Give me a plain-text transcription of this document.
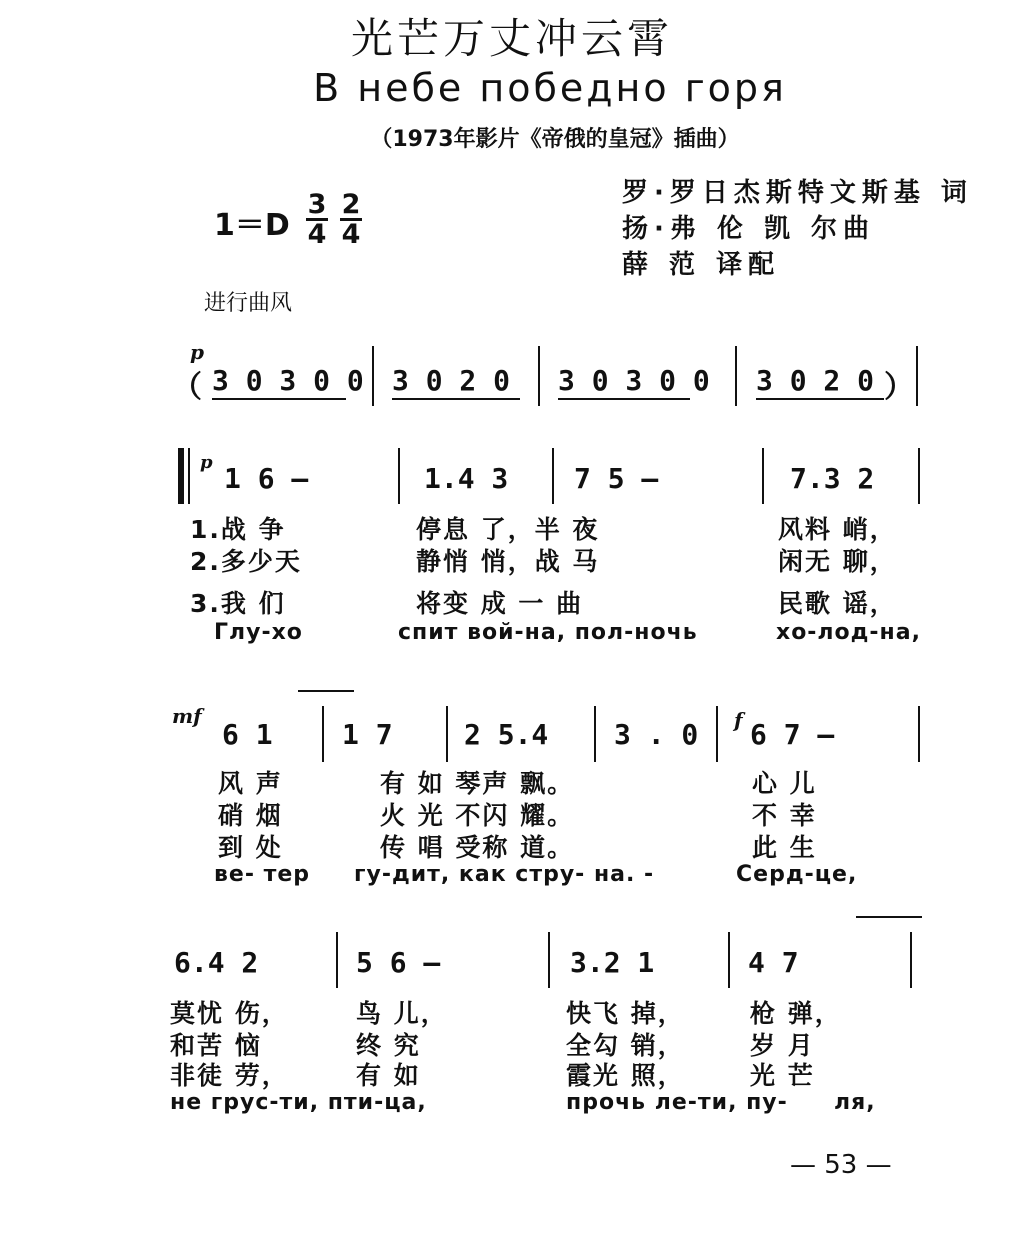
光芒万丈冲云霄
В небе победно горя
（1973年影片《帝俄的皇冠》插曲）
罗·罗日杰斯特文斯基 词
扬·弗 伦 凯 尔曲
薛 范 译配
$1=D \frac{3}{4} \frac{2}{4}$
进行曲风
（
p
3 0 3 0 0 3 0 2 0 3 0 3 0 0 3 0 2 0 ）
p 1 6 —	1.4 3 7 5 —	7.3 2
1.战 争	停息 了，半 夜	风料 峭，
2.多少天	静悄 悄，战 马	闲无 聊，
3.我 们	将变 成 一 曲	民歌 谣，
Глу-хо	спит вой-на, пол-ночь	хо-лод-на,
mf
6 1 1 7	2 5.4 3 . 0 f 6 7 —
风 声	有 如 琴声 飘。	心 儿
硝 烟	火 光 不闪 耀。	不 幸
到 处	传 唱 受称 道。	此 生
ве- тер гу-дит, как стру- на. -	Серд-це,
6.4 2	5 6 —	3.2 1	4 7
莫忧 伤，	鸟 儿，	快飞 掉，	枪 弹，
和苦 恼	终 究	全勾 销，	岁 月
非徒 劳，	有 如	霞光 照，	光 芒
не грус-ти, пти-ца,	прочь ле-ти, пу- ля,
— 53 —
